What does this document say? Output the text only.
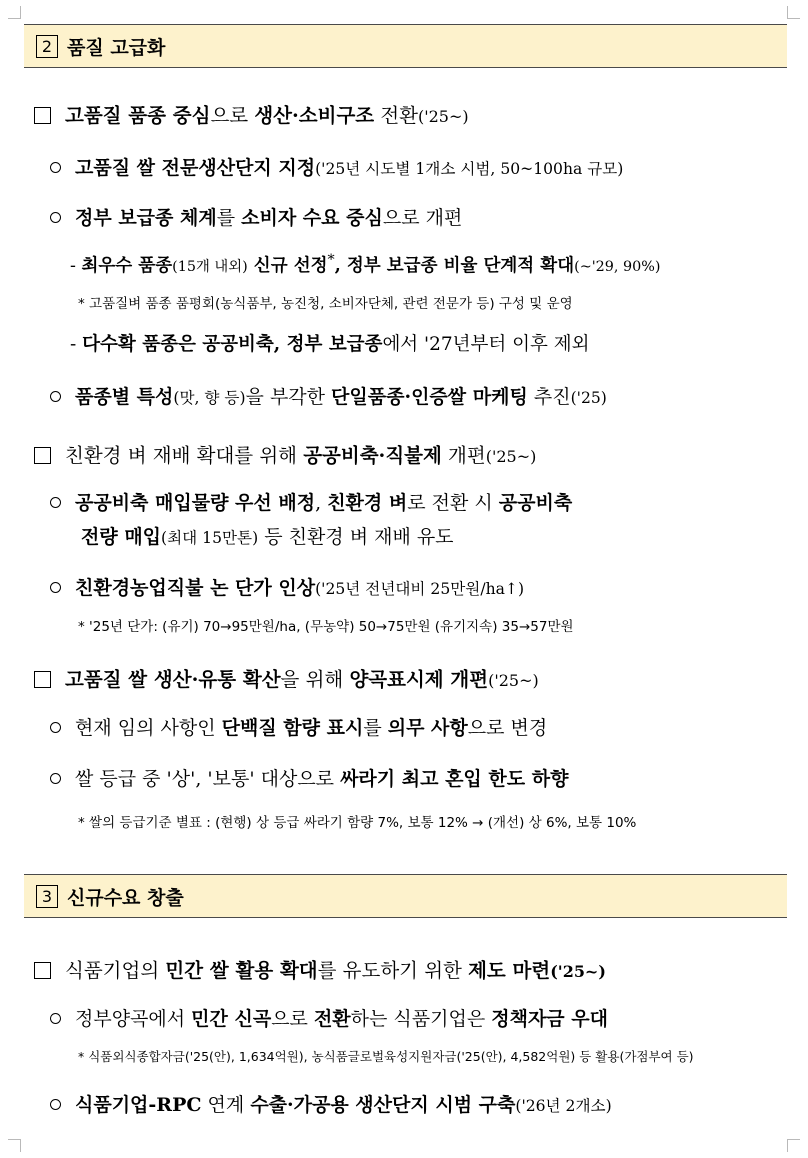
2 품질 고급화
고품질 품종 중심으로 생산·소비구조 전환('25~)
고품질 쌀 전문생산단지 지정('25년 시도별 1개소 시범, 50~100ha 규모)
정부 보급종 체계를 소비자 수요 중심으로 개편
- 최우수 품종(15개 내외) 신규 선정*, 정부 보급종 비율 단계적 확대(~'29, 90%)
* 고품질벼 품종 품평회(농식품부, 농진청, 소비자단체, 관련 전문가 등) 구성 및 운영
- 다수확 품종은 공공비축, 정부 보급종에서 '27년부터 이후 제외
품종별 특성(맛, 향 등)을 부각한 단일품종·인증쌀 마케팅 추진('25)
친환경 벼 재배 확대를 위해 공공비축·직불제 개편('25~)
공공비축 매입물량 우선 배정, 친환경 벼로 전환 시 공공비축
전량 매입(최대 15만톤) 등 친환경 벼 재배 유도
친환경농업직불 논 단가 인상('25년 전년대비 25만원/ha↑)
* '25년 단가: (유기) 70→95만원/ha, (무농약) 50→75만원 (유기지속) 35→57만원
고품질 쌀 생산·유통 확산을 위해 양곡표시제 개편('25~)
현재 임의 사항인 단백질 함량 표시를 의무 사항으로 변경
쌀 등급 중 '상', '보통' 대상으로 싸라기 최고 혼입 한도 하향
* 쌀의 등급기준 별표 : (현행) 상 등급 싸라기 함량 7%, 보통 12% → (개선) 상 6%, 보통 10%
3 신규수요 창출
식품기업의 민간 쌀 활용 확대를 유도하기 위한 제도 마련('25~)
정부양곡에서 민간 신곡으로 전환하는 식품기업은 정책자금 우대
* 식품외식종합자금('25(안), 1,634억원), 농식품글로벌육성지원자금('25(안), 4,582억원) 등 활용(가점부여 등)
식품기업-RPC 연계 수출·가공용 생산단지 시범 구축('26년 2개소)
